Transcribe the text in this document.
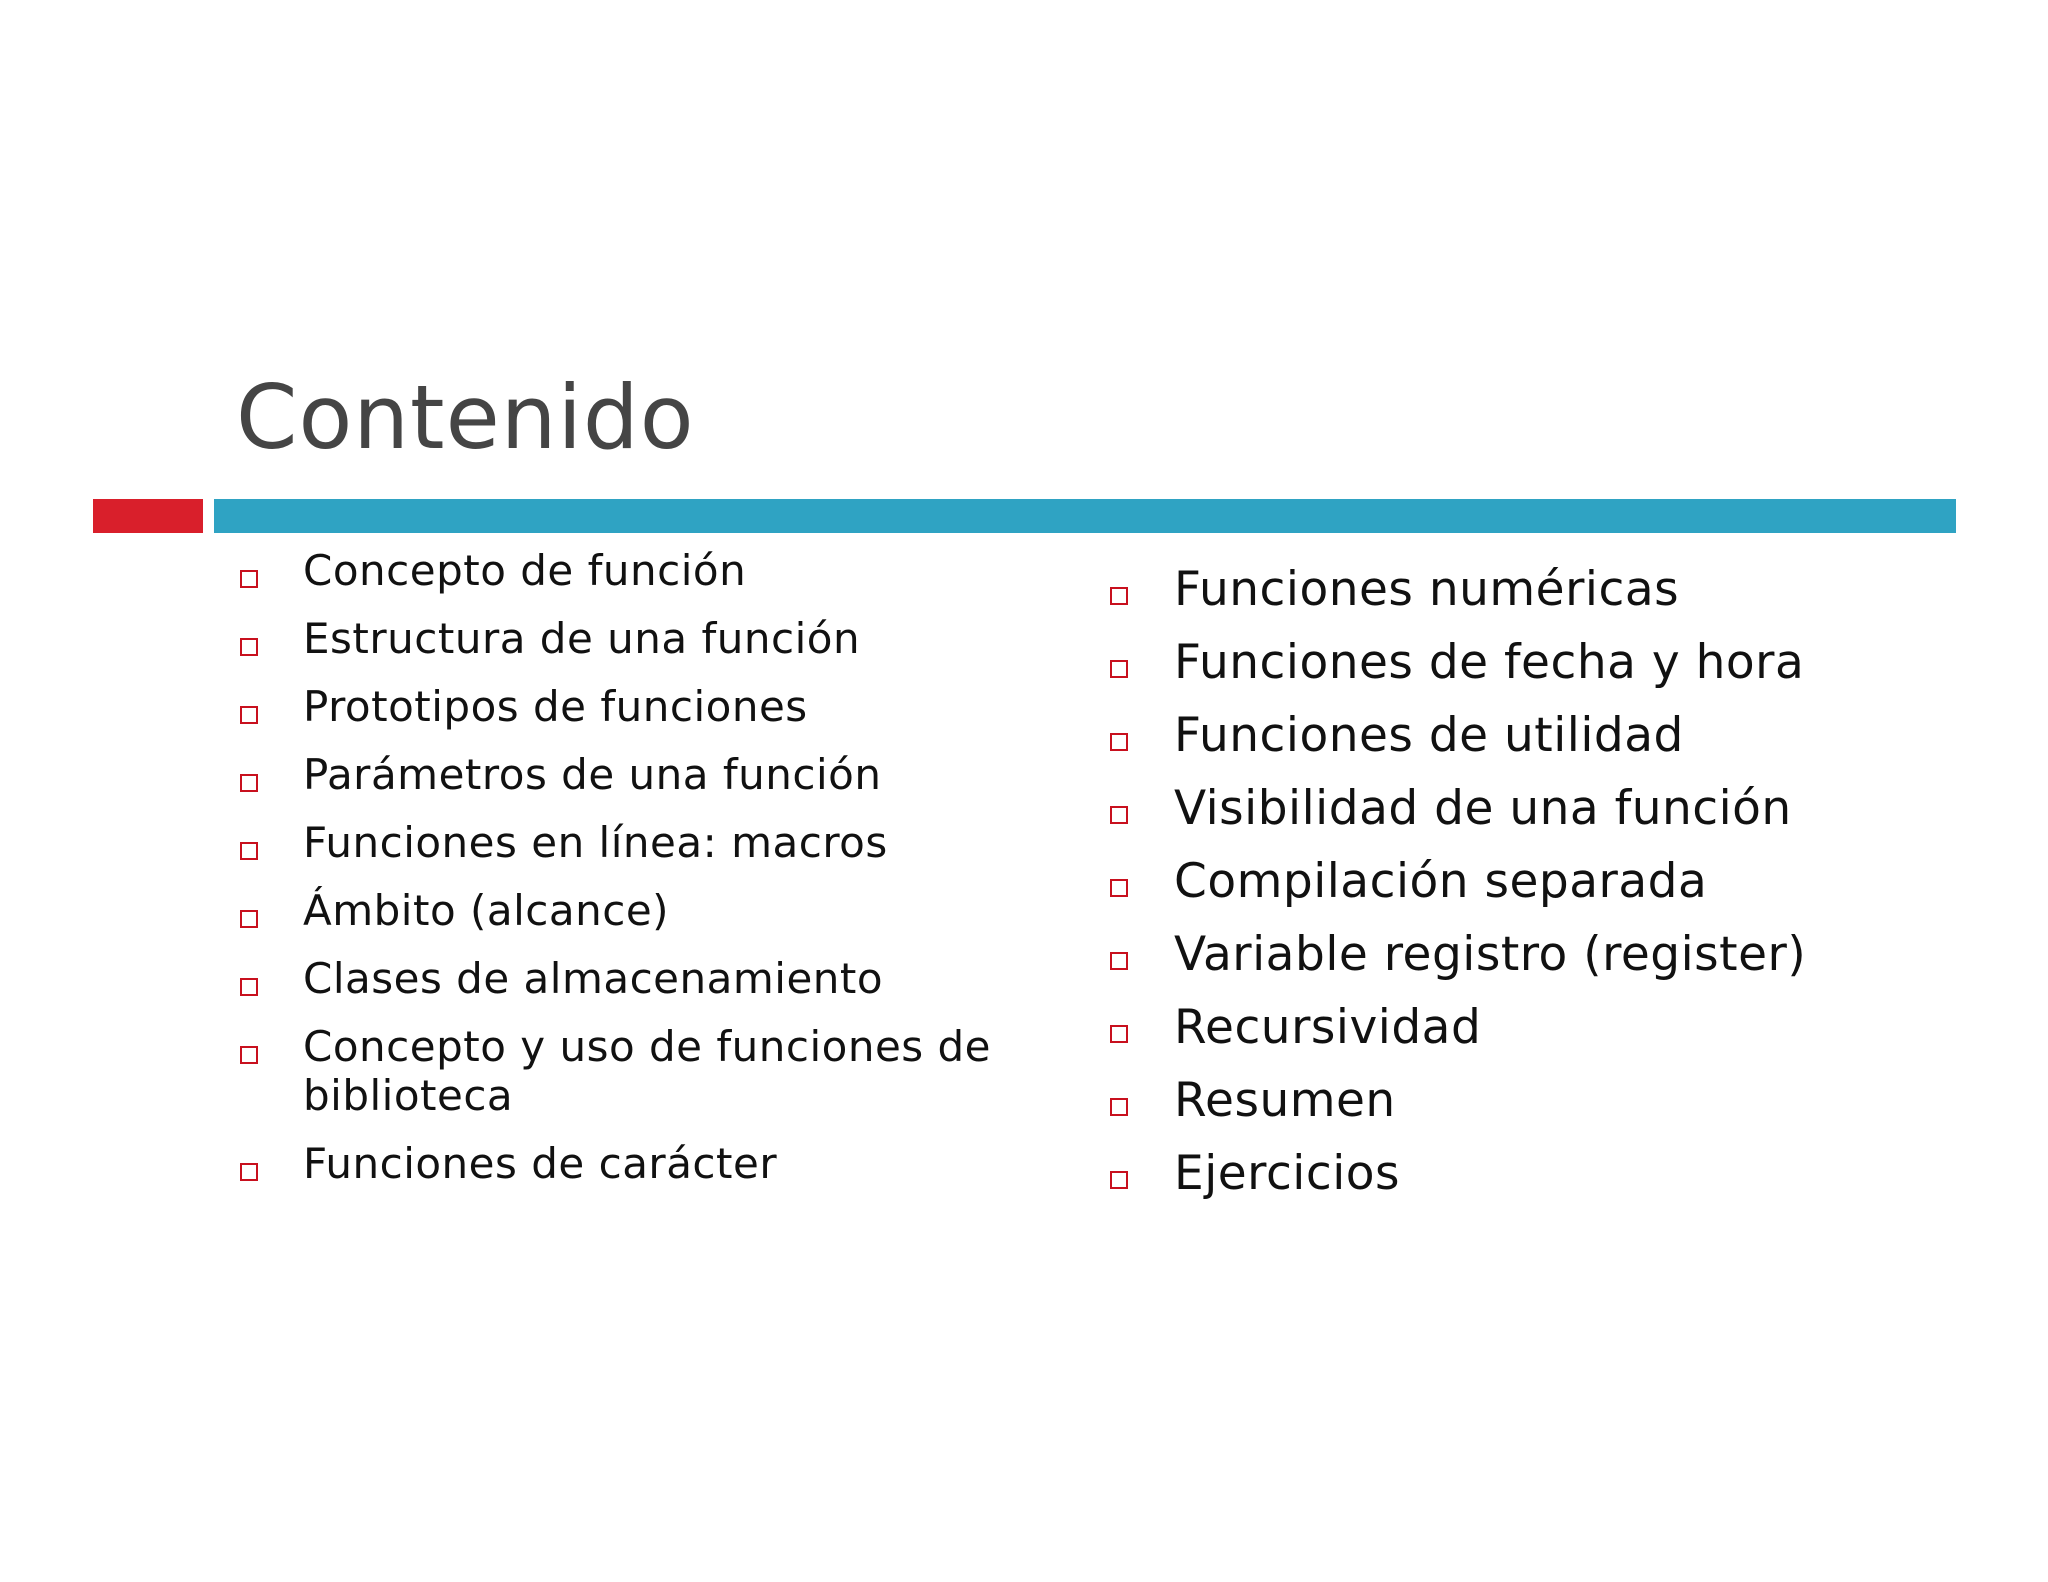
Contenido
Concepto de función
Estructura de una función
Prototipos de funciones
Parámetros de una función
Funciones en línea: macros
Ámbito (alcance)
Clases de almacenamiento
Concepto y uso de funciones de biblioteca
Funciones de carácter
Funciones numéricas
Funciones de fecha y hora
Funciones de utilidad
Visibilidad de una función
Compilación separada
Variable registro (register)
Recursividad
Resumen
Ejercicios
